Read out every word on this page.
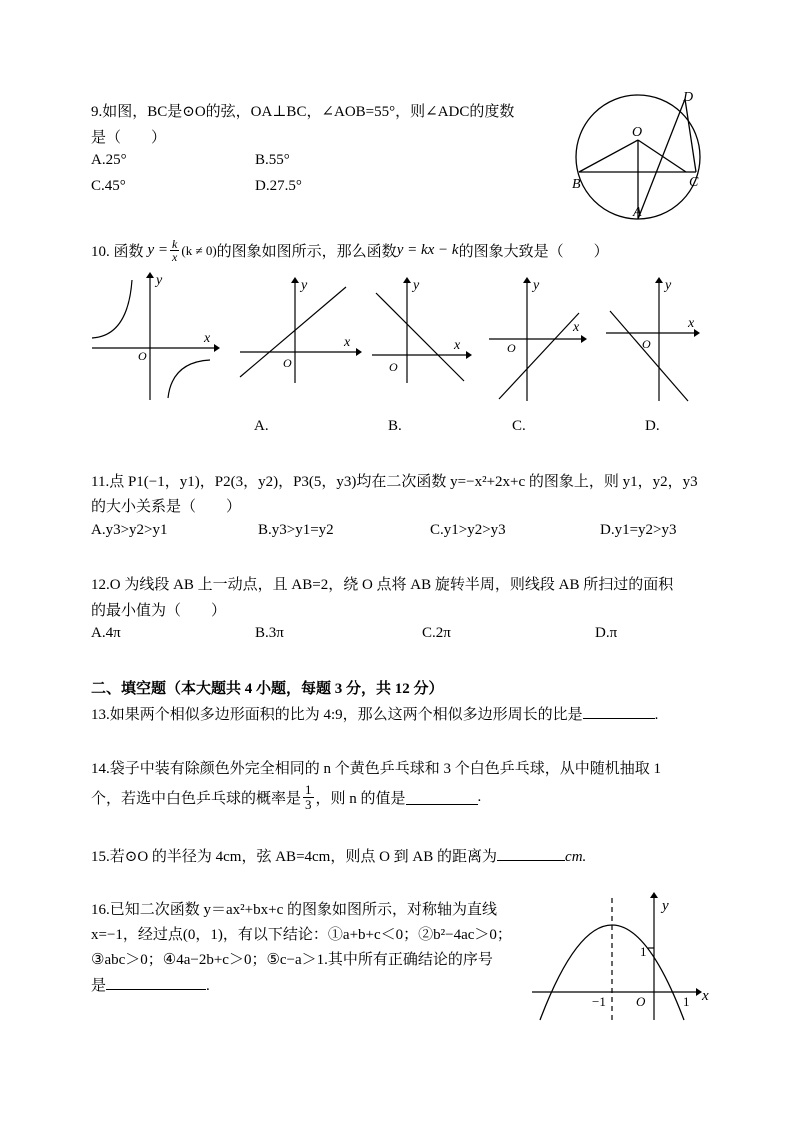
9.如图，BC是⊙O的弦，OA⊥BC，∠AOB=55°，则∠ADC的度数
是（　　）
A.25°	B.55°
C.45°	D.27.5°
O
B	C
A
D
10. 函数 $y = \frac{k}{x} (k \ne 0)$ 的图象如图所示，那么函数 y = kx − k 的图象大致是（　　）
x
y
O
x
y
O
A.
x
y
O
B.
x
y
O
C.
x
y
O
D.
11.点 P1(−1，y1)，P2(3，y2)，P3(5，y3)均在二次函数 y=−x²+2x+c 的图象上，则 y1，y2，y3
的大小关系是（　　）
A.y3>y2>y1	B.y3>y1=y2	C.y1>y2>y3	D.y1=y2>y3
12.O 为线段 AB 上一动点，且 AB=2，绕 O 点将 AB 旋转半周，则线段 AB 所扫过的面积
的最小值为（　　）
A.4π	B.3π	C.2π	D.π
二、填空题（本大题共 4 小题，每题 3 分，共 12 分）
13.如果两个相似多边形面积的比为 4:9，那么这两个相似多边形周长的比是	.
14.袋子中装有除颜色外完全相同的 n 个黄色乒乓球和 3 个白色乒乓球，从中随机抽取 1
个，若选中白色乒乓球的概率是 $\frac{1}{3}$ ，则 n 的值是	.
15.若⊙O 的半径为 4cm，弦 AB=4cm，则点 O 到 AB 的距离为	cm.
16.已知二次函数 y＝ax²+bx+c 的图象如图所示，对称轴为直线
x=−1，经过点(0，1)，有以下结论：①a+b+c＜0；②b²−4ac＞0；
③abc＞0；④4a−2b+c＞0；⑤c−a＞1.其中所有正确结论的序号
是	.
y
x
1
−1 O	1
